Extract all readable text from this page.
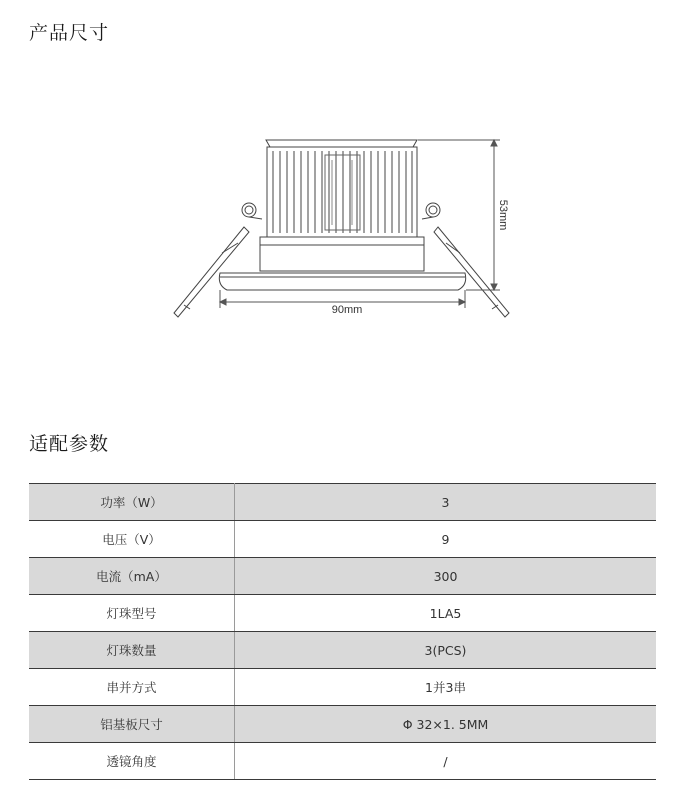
产品尺寸
53mm
90mm
适配参数
功率（W）	3
电压（V）	9
电流（mA）	300
灯珠型号	1LA5
灯珠数量	3(PCS)
串并方式	1并3串
铝基板尺寸	Φ 32×1. 5MM
透镜角度	/
